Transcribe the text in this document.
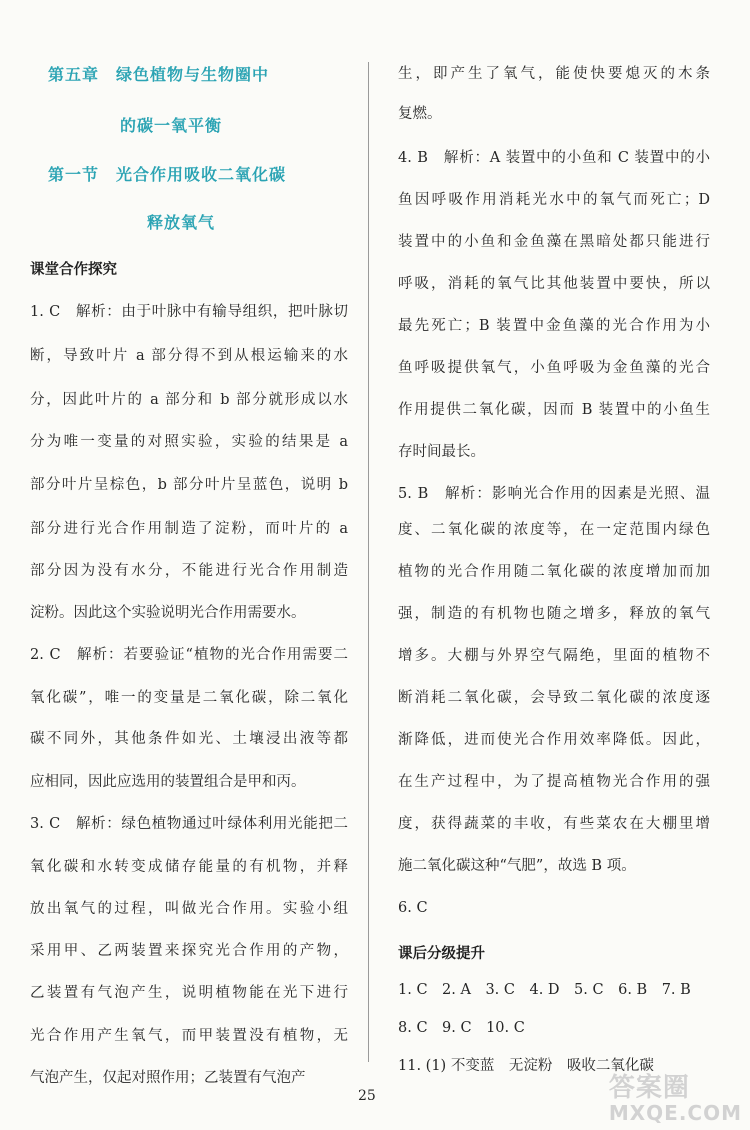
第五章　绿色植物与生物圈中
的碳一氧平衡
第一节　光合作用吸收二氧化碳
释放氧气
课堂合作探究
1. C　解析：由于叶脉中有输导组织，把叶脉切
断，导致叶片 a 部分得不到从根运输来的水
分，因此叶片的 a 部分和 b 部分就形成以水
分为唯一变量的对照实验，实验的结果是 a
部分叶片呈棕色，b 部分叶片呈蓝色，说明 b
部分进行光合作用制造了淀粉，而叶片的 a
部分因为没有水分，不能进行光合作用制造
淀粉。因此这个实验说明光合作用需要水。
2. C　解析：若要验证“植物的光合作用需要二
氧化碳”，唯一的变量是二氧化碳，除二氧化
碳不同外，其他条件如光、土壤浸出液等都
应相同，因此应选用的装置组合是甲和丙。
3. C　解析：绿色植物通过叶绿体利用光能把二
氧化碳和水转变成储存能量的有机物，并释
放出氧气的过程，叫做光合作用。实验小组
采用甲、乙两装置来探究光合作用的产物，
乙装置有气泡产生，说明植物能在光下进行
光合作用产生氧气，而甲装置没有植物，无
气泡产生，仅起对照作用；乙装置有气泡产
生，即产生了氧气，能使快要熄灭的木条
复燃。
4. B　解析：A 装置中的小鱼和 C 装置中的小
鱼因呼吸作用消耗光水中的氧气而死亡；D
装置中的小鱼和金鱼藻在黑暗处都只能进行
呼吸，消耗的氧气比其他装置中要快，所以
最先死亡；B 装置中金鱼藻的光合作用为小
鱼呼吸提供氧气，小鱼呼吸为金鱼藻的光合
作用提供二氧化碳，因而 B 装置中的小鱼生
存时间最长。
5. B　解析：影响光合作用的因素是光照、温
度、二氧化碳的浓度等，在一定范围内绿色
植物的光合作用随二氧化碳的浓度增加而加
强，制造的有机物也随之增多，释放的氧气
增多。大棚与外界空气隔绝，里面的植物不
断消耗二氧化碳，会导致二氧化碳的浓度逐
渐降低，进而使光合作用效率降低。因此，
在生产过程中，为了提高植物光合作用的强
度，获得蔬菜的丰收，有些菜农在大棚里增
施二氧化碳这种“气肥”，故选 B 项。
6. C
课后分级提升
1. C　2. A　3. C　4. D　5. C　6. B　7. B
8. C　9. C　10. C
11. (1) 不变蓝　无淀粉　吸收二氧化碳
25	答案圈
MXQE.COM
